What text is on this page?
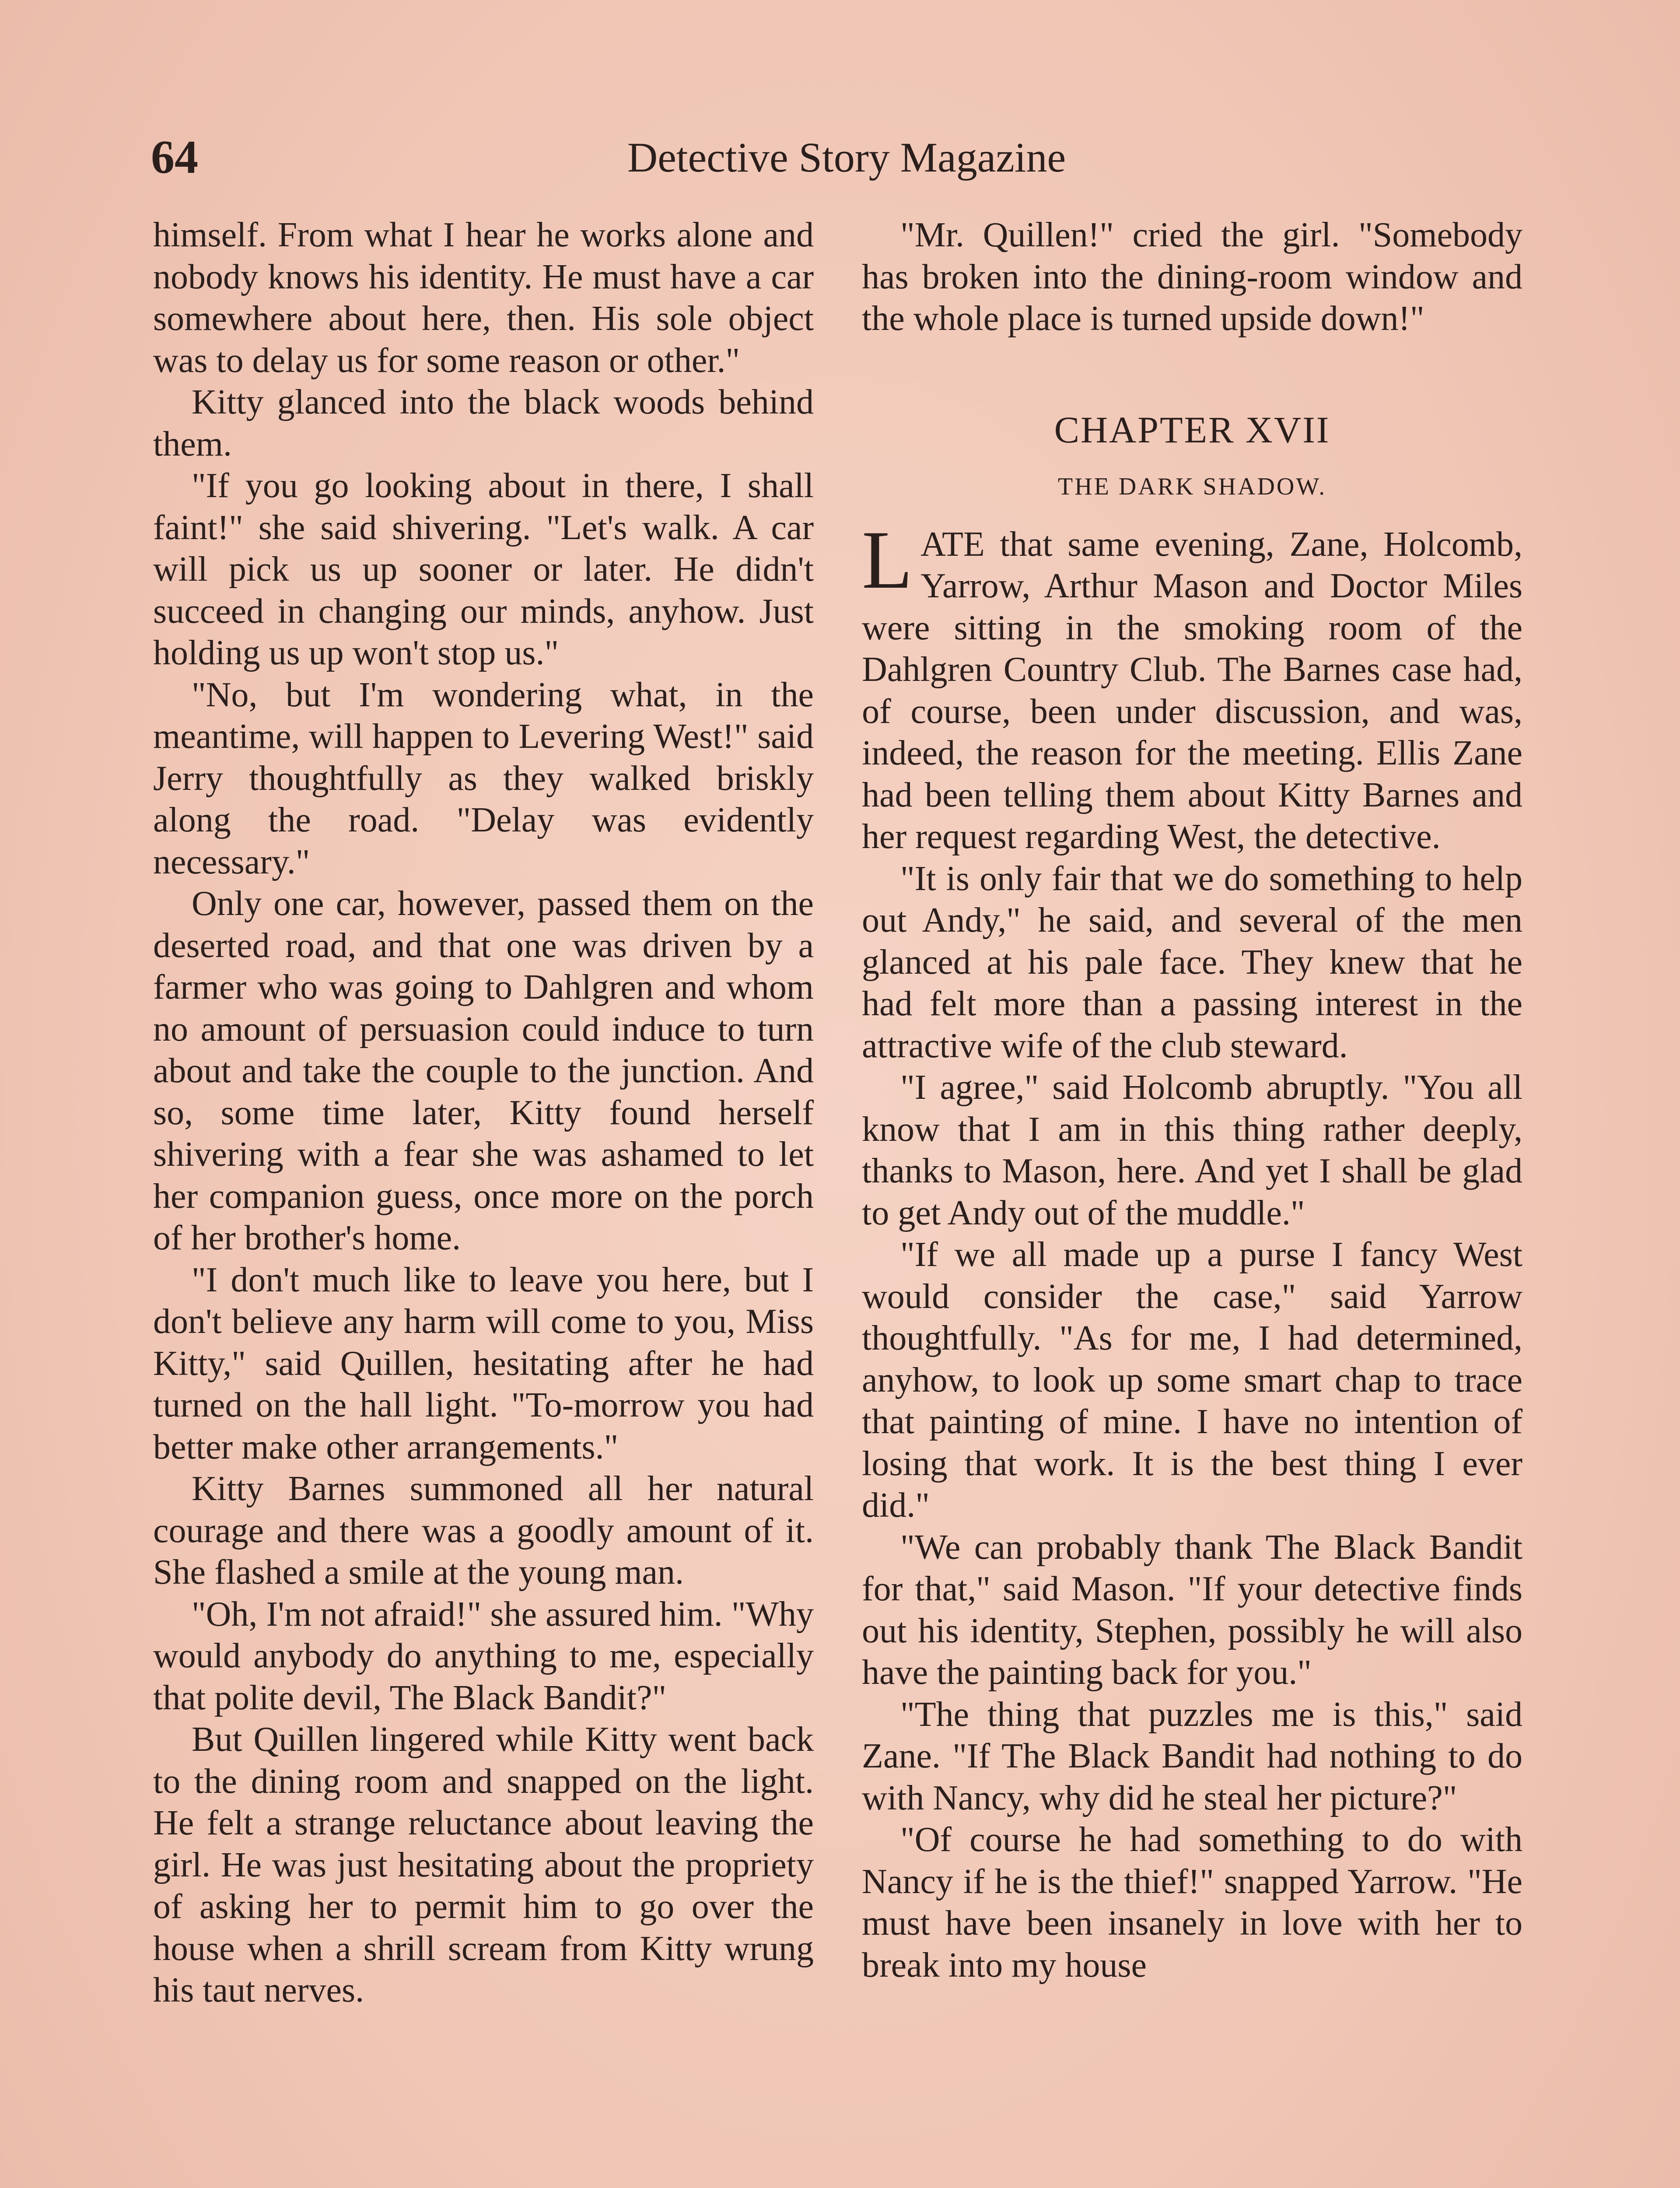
64	Detective Story Magazine

himself. From what I hear he works alone and nobody knows his identity. He must have a car somewhere about here, then. His sole object was to delay us for some reason or other."

Kitty glanced into the black woods behind them.

"If you go looking about in there, I shall faint!" she said shivering. "Let's walk. A car will pick us up sooner or later. He didn't succeed in changing our minds, anyhow. Just holding us up won't stop us."

"No, but I'm wondering what, in the meantime, will happen to Levering West!" said Jerry thoughtfully as they walked briskly along the road. "Delay was evidently necessary."

Only one car, however, passed them on the deserted road, and that one was driven by a farmer who was going to Dahlgren and whom no amount of persuasion could induce to turn about and take the couple to the junction. And so, some time later, Kitty found herself shivering with a fear she was ashamed to let her companion guess, once more on the porch of her brother's home.

"I don't much like to leave you here, but I don't believe any harm will come to you, Miss Kitty," said Quillen, hesitating after he had turned on the hall light. "To-morrow you had better make other arrangements."

Kitty Barnes summoned all her natural courage and there was a goodly amount of it. She flashed a smile at the young man.

"Oh, I'm not afraid!" she assured him. "Why would anybody do anything to me, especially that polite devil, The Black Bandit?"

But Quillen lingered while Kitty went back to the dining room and snapped on the light. He felt a strange reluctance about leaving the girl. He was just hesitating about the propriety of asking her to permit him to go over the house when a shrill scream from Kitty wrung his taut nerves.

"Mr. Quillen!" cried the girl. "Somebody has broken into the dining-room window and the whole place is turned upside down!"

CHAPTER XVII
THE DARK SHADOW.

LATE that same evening, Zane, Holcomb, Yarrow, Arthur Mason and Doctor Miles were sitting in the smoking room of the Dahlgren Country Club. The Barnes case had, of course, been under discussion, and was, indeed, the reason for the meeting. Ellis Zane had been telling them about Kitty Barnes and her request regarding West, the detective.

"It is only fair that we do something to help out Andy," he said, and several of the men glanced at his pale face. They knew that he had felt more than a passing interest in the attractive wife of the club steward.

"I agree," said Holcomb abruptly. "You all know that I am in this thing rather deeply, thanks to Mason, here. And yet I shall be glad to get Andy out of the muddle."

"If we all made up a purse I fancy West would consider the case," said Yarrow thoughtfully. "As for me, I had determined, anyhow, to look up some smart chap to trace that painting of mine. I have no intention of losing that work. It is the best thing I ever did."

"We can probably thank The Black Bandit for that," said Mason. "If your detective finds out his identity, Stephen, possibly he will also have the painting back for you."

"The thing that puzzles me is this," said Zane. "If The Black Bandit had nothing to do with Nancy, why did he steal her picture?"

"Of course he had something to do with Nancy if he is the thief!" snapped Yarrow. "He must have been insanely in love with her to break into my house
